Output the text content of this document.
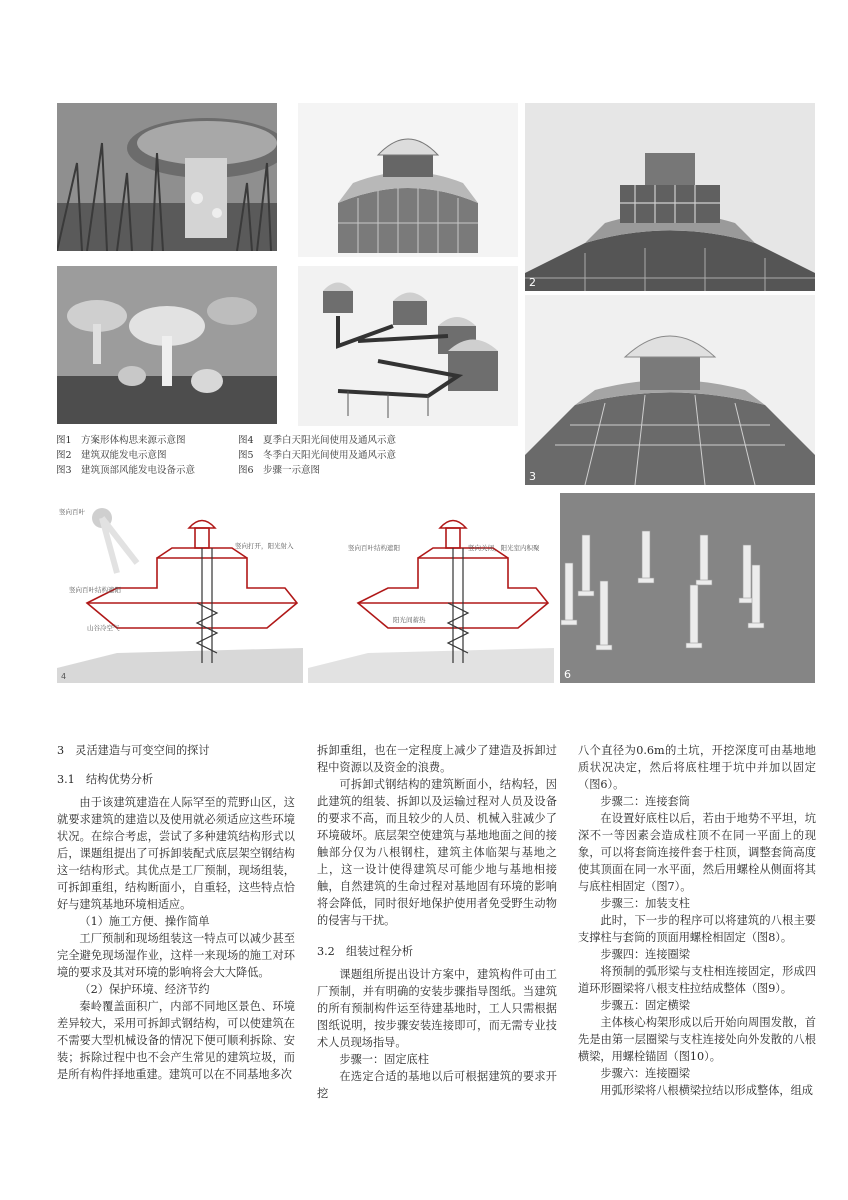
2
3
图1　方案形体构思来源示意图
图2　建筑双能发电示意图
图3　建筑顶部风能发电设备示意
图4　夏季白天阳光间使用及通风示意
图5　冬季白天阳光间使用及通风示意
图6　步骤一示意图
4
竖向百叶
竖向百叶结构遮阳
竖向打开，阳光射入
山谷冷空气
竖向百叶结构遮阳	竖向关闭，阳光室内积聚
阳光间蓄热
6

3　灵活建造与可变空间的探讨

3.1　结构优势分析

由于该建筑建造在人际罕至的荒野山区，这就要求建筑的建造以及使用就必须适应这些环境状况。在综合考虑，尝试了多种建筑结构形式以后，课题组提出了可拆卸装配式底层架空钢结构这一结构形式。其优点是工厂预制，现场组装，可拆卸重组，结构断面小，自重轻，这些特点恰好与建筑基地环境相适应。

（1）施工方便、操作简单

工厂预制和现场组装这一特点可以减少甚至完全避免现场湿作业，这样一来现场的施工对环境的要求及其对环境的影响将会大大降低。

（2）保护环境、经济节约

秦岭覆盖面积广，内部不同地区景色、环境差异较大，采用可拆卸式钢结构，可以使建筑在不需要大型机械设备的情况下便可顺利拆除、安装；拆除过程中也不会产生常见的建筑垃圾，而是所有构件择地重建。建筑可以在不同基地多次

拆卸重组，也在一定程度上减少了建造及拆卸过程中资源以及资金的浪费。

可拆卸式钢结构的建筑断面小，结构轻，因此建筑的组装、拆卸以及运输过程对人员及设备的要求不高，而且较少的人员、机械入驻减少了环境破坏。底层架空使建筑与基地地面之间的接触部分仅为八根钢柱，建筑主体临架与基地之上，这一设计使得建筑尽可能少地与基地相接触，自然建筑的生命过程对基地固有环境的影响将会降低，同时很好地保护使用者免受野生动物的侵害与干扰。

3.2　组装过程分析

课题组所提出设计方案中，建筑构件可由工厂预制，并有明确的安装步骤指导图纸。当建筑的所有预制构件运至待建基地时，工人只需根据图纸说明，按步骤安装连接即可，而无需专业技术人员现场指导。

步骤一：固定底柱

在选定合适的基地以后可根据建筑的要求开挖

八个直径为0.6m的土坑，开挖深度可由基地地质状况决定，然后将底柱埋于坑中并加以固定（图6）。

步骤二：连接套筒

在设置好底柱以后，若由于地势不平坦，坑深不一等因素会造成柱顶不在同一平面上的现象，可以将套筒连接件套于柱顶，调整套筒高度使其顶面在同一水平面，然后用螺栓从侧面将其与底柱相固定（图7）。

步骤三：加装支柱

此时，下一步的程序可以将建筑的八根主要支撑柱与套筒的顶面用螺栓相固定（图8）。

步骤四：连接圈梁

将预制的弧形梁与支柱相连接固定，形成四道环形圈梁将八根支柱拉结成整体（图9）。

步骤五：固定横梁

主体核心构架形成以后开始向周围发散，首先是由第一层圈梁与支柱连接处向外发散的八根横梁，用螺栓锚固（图10）。

步骤六：连接圈梁

用弧形梁将八根横梁拉结以形成整体，组成
